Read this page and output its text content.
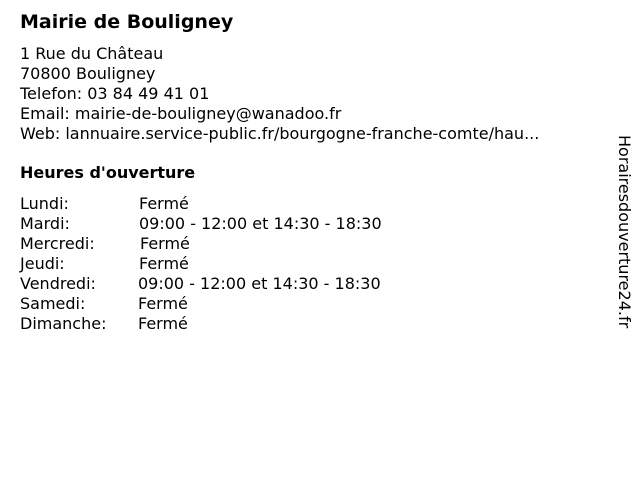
Mairie de Bouligney
1 Rue du Château
70800 Bouligney
Telefon: 03 84 49 41 01
Email: mairie-de-bouligney@wanadoo.fr
Web: lannuaire.service-public.fr/bourgogne-franche-comte/hau...
Heures d'ouverture
Lundi:	Fermé
Mardi:	09:00 - 12:00 et 14:30 - 18:30
Mercredi:	Fermé
Jeudi:	Fermé
Vendredi:	09:00 - 12:00 et 14:30 - 18:30
Samedi:	Fermé
Dimanche: Fermé	Horairesdouverture24.fr
